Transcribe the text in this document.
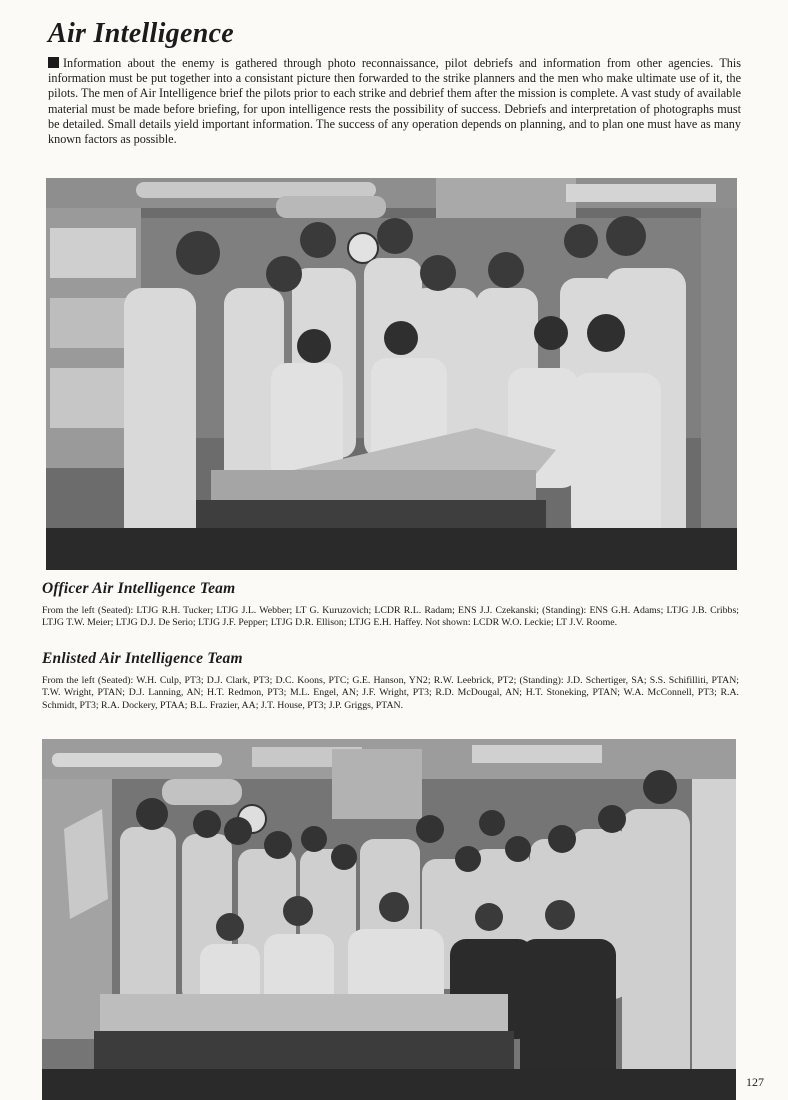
Air Intelligence

Information about the enemy is gathered through photo reconnaissance, pilot debriefs and information from other agencies. This information must be put together into a consistant picture then forwarded to the strike planners and the men who make ultimate use of it, the pilots. The men of Air Intelligence brief the pilots prior to each strike and debrief them after the mission is complete. A vast study of available material must be made before briefing, for upon intelligence rests the possibility of success. Debriefs and interpretation of photographs must be detailed. Small details yield important information. The success of any operation depends on planning, and to plan one must have as many known factors as possible.

Officer Air Intelligence Team

From the left (Seated): LTJG R.H. Tucker; LTJG J.L. Webber; LT G. Kuruzovich; LCDR R.L. Radam; ENS J.J. Czekanski; (Standing): ENS G.H. Adams; LTJG J.B. Cribbs; LTJG T.W. Meier; LTJG D.J. De Serio; LTJG J.F. Pepper; LTJG D.R. Ellison; LTJG E.H. Haffey. Not shown: LCDR W.O. Leckie; LT J.V. Roome.

Enlisted Air Intelligence Team

From the left (Seated): W.H. Culp, PT3; D.J. Clark, PT3; D.C. Koons, PTC; G.E. Hanson, YN2; R.W. Leebrick, PT2; (Standing): J.D. Schertiger, SA; S.S. Schifilliti, PTAN; T.W. Wright, PTAN; D.J. Lanning, AN; H.T. Redmon, PT3; M.L. Engel, AN; J.F. Wright, PT3; R.D. McDougal, AN; H.T. Stoneking, PTAN; W.A. McConnell, PT3; R.A. Schmidt, PT3; R.A. Dockery, PTAA; B.L. Frazier, AA; J.T. House, PT3; J.P. Griggs, PTAN.

127
